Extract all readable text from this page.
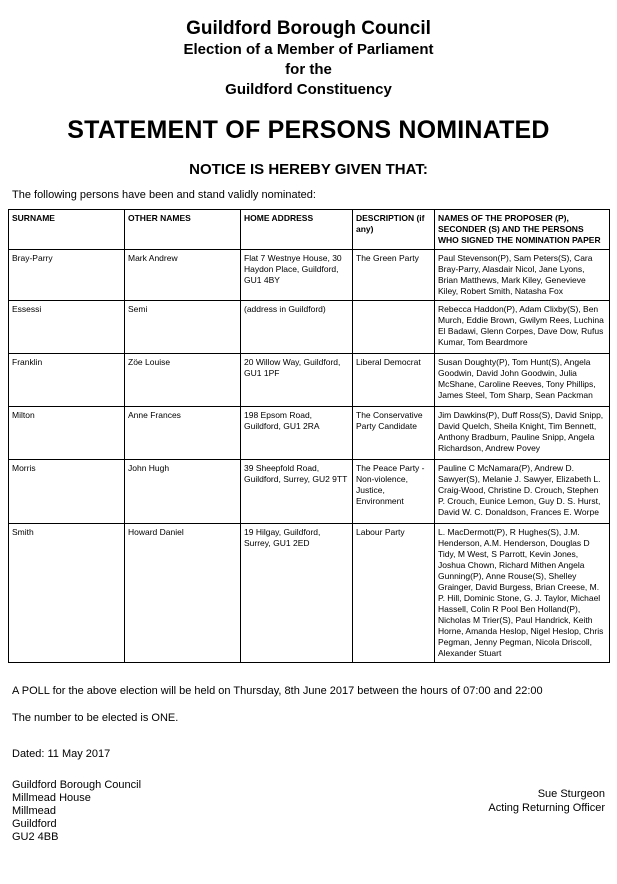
Guildford Borough Council
Election of a Member of Parliament
for the
Guildford Constituency
STATEMENT OF PERSONS NOMINATED
NOTICE IS HEREBY GIVEN THAT:
The following persons have been and stand validly nominated:
SURNAME	OTHER NAMES	HOME ADDRESS	DESCRIPTION (if any)	NAMES OF THE PROPOSER (P), SECONDER (S) AND THE PERSONS WHO SIGNED THE NOMINATION PAPER
Bray-Parry	Mark Andrew	Flat 7 Westnye House, 30 Haydon Place, Guildford, GU1 4BY	The Green Party	Paul Stevenson(P), Sam Peters(S), Cara Bray-Parry, Alasdair Nicol, Jane Lyons, Brian Matthews, Mark Kiley, Genevieve Kiley, Robert Smith, Natasha Fox
Essessi	Semi	(address in Guildford)		Rebecca Haddon(P), Adam Clixby(S), Ben Murch, Eddie Brown, Gwilym Rees, Luchina El Badawi, Glenn Corpes, Dave Dow, Rufus Kumar, Tom Beardmore
Franklin	Zöe Louise	20 Willow Way, Guildford, GU1 1PF	Liberal Democrat	Susan Doughty(P), Tom Hunt(S), Angela Goodwin, David John Goodwin, Julia McShane, Caroline Reeves, Tony Phillips, James Steel, Tom Sharp, Sean Packman
Milton	Anne Frances	198 Epsom Road, Guildford, GU1 2RA	The Conservative Party Candidate	Jim Dawkins(P), Duff Ross(S), David Snipp, David Quelch, Sheila Knight, Tim Bennett, Anthony Bradburn, Pauline Snipp, Angela Richardson, Andrew Povey
Morris	John Hugh	39 Sheepfold Road, Guildford, Surrey, GU2 9TT	The Peace Party - Non-violence, Justice, Environment	Pauline C McNamara(P), Andrew D. Sawyer(S), Melanie J. Sawyer, Elizabeth L. Craig-Wood, Christine D. Crouch, Stephen P. Crouch, Eunice Lemon, Guy D. S. Hurst, David W. C. Donaldson, Frances E. Worpe
Smith	Howard Daniel	19 Hilgay, Guildford, Surrey, GU1 2ED	Labour Party	L. MacDermott(P), R Hughes(S), J.M. Henderson, A.M. Henderson, Douglas D Tidy, M West, S Parrott, Kevin Jones, Joshua Chown, Richard Mithen Angela Gunning(P), Anne Rouse(S), Shelley Grainger, David Burgess, Brian Creese, M. P. Hill, Dominic Stone, G. J. Taylor, Michael Hassell, Colin R Pool Ben Holland(P), Nicholas M Trier(S), Paul Handrick, Keith Horne, Amanda Heslop, Nigel Heslop, Chris Pegman, Jenny Pegman, Nicola Driscoll, Alexander Stuart
A POLL for the above election will be held on Thursday, 8th June 2017 between the hours of 07:00 and 22:00
The number to be elected is ONE.
Dated: 11 May 2017
Sue Sturgeon
Acting Returning Officer
Guildford Borough Council
Millmead House
Millmead
Guildford
GU2 4BB
